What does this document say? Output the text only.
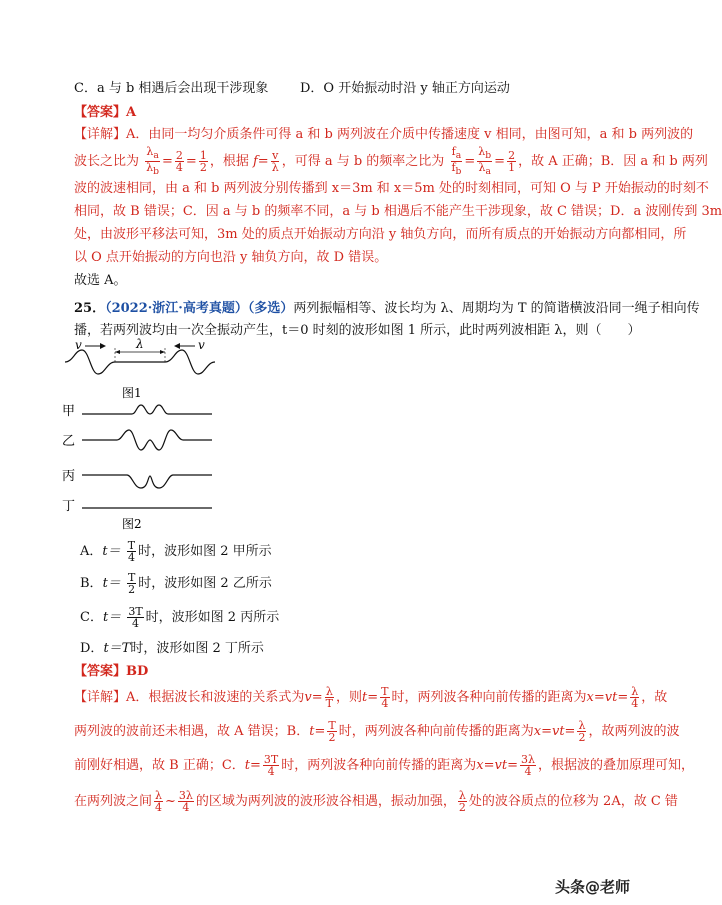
C．a 与 b 相遇后会出现干涉现象 D．O 开始振动时沿 y 轴正方向运动
【答案】A
【详解】A．由同一均匀介质条件可得 a 和 b 两列波在介质中传播速度 v 相同，由图可知，a 和 b 两列波的
波长之比为 $\frac{\lambda_a}{\lambda_b} = \frac{2}{4} = \frac{1}{2}$ ，根据 $f= \frac{v}{\lambda}$ ，可得 a 与 b 的频率之比为 $\frac{f_a}{f_b} = \frac{\lambda_b}{\lambda_a} = \frac{2}{1}$ ，故 A 正确；B．因 a 和 b 两列
波的波速相同，由 a 和 b 两列波分别传播到 x＝3m 和 x＝5m 处的时刻相同，可知 O 与 P 开始振动的时刻不
相同，故 B 错误；C．因 a 与 b 的频率不同，a 与 b 相遇后不能产生干涉现象，故 C 错误；D．a 波刚传到 3m
处，由波形平移法可知，3m 处的质点开始振动方向沿 y 轴负方向，而所有质点的开始振动方向都相同，所
以 O 点开始振动的方向也沿 y 轴负方向，故 D 错误。
故选 A。
25．（2022·浙江·高考真题）（多选）两列振幅相等、波长均为 λ、周期均为 T 的简谐横波沿同一绳子相向传
播，若两列波均由一次全振动产生，t＝0 时刻的波形如图 1 所示，此时两列波相距 λ，则（　　）
v	v
λ
图1
甲
乙
丙
丁
图2
A．$t= \frac{T}{4}$ 时，波形如图 2 甲所示
B．$t= \frac{T}{2}$ 时，波形如图 2 乙所示
C．$t= \frac{3T}{4}$ 时，波形如图 2 丙所示
D．t＝T时，波形如图 2 丁所示
【答案】BD
【详解】A．根据波长和波速的关系式为$v= \frac{\lambda}{T}$ ，则$t= \frac{T}{4}$ 时，两列波各种向前传播的距离为$x=vt= \frac{\lambda}{4}$ ，故
两列波的波前还未相遇，故 A 错误；B．$t= \frac{T}{2}$ 时，两列波各种向前传播的距离为$x=vt= \frac{\lambda}{2}$ ，故两列波的波
前刚好相遇，故 B 正确；C．$t= \frac{3T}{4}$ 时，两列波各种向前传播的距离为$x=vt= \frac{3\lambda}{4}$ ，根据波的叠加原理可知，
在两列波之间 $\frac{\lambda}{4}$ ~ $\frac{3\lambda}{4}$ 的区域为两列波的波形波谷相遇，振动加强， $\frac{\lambda}{2}$ 处的波谷质点的位移为 2A，故 C 错
头条@老师
